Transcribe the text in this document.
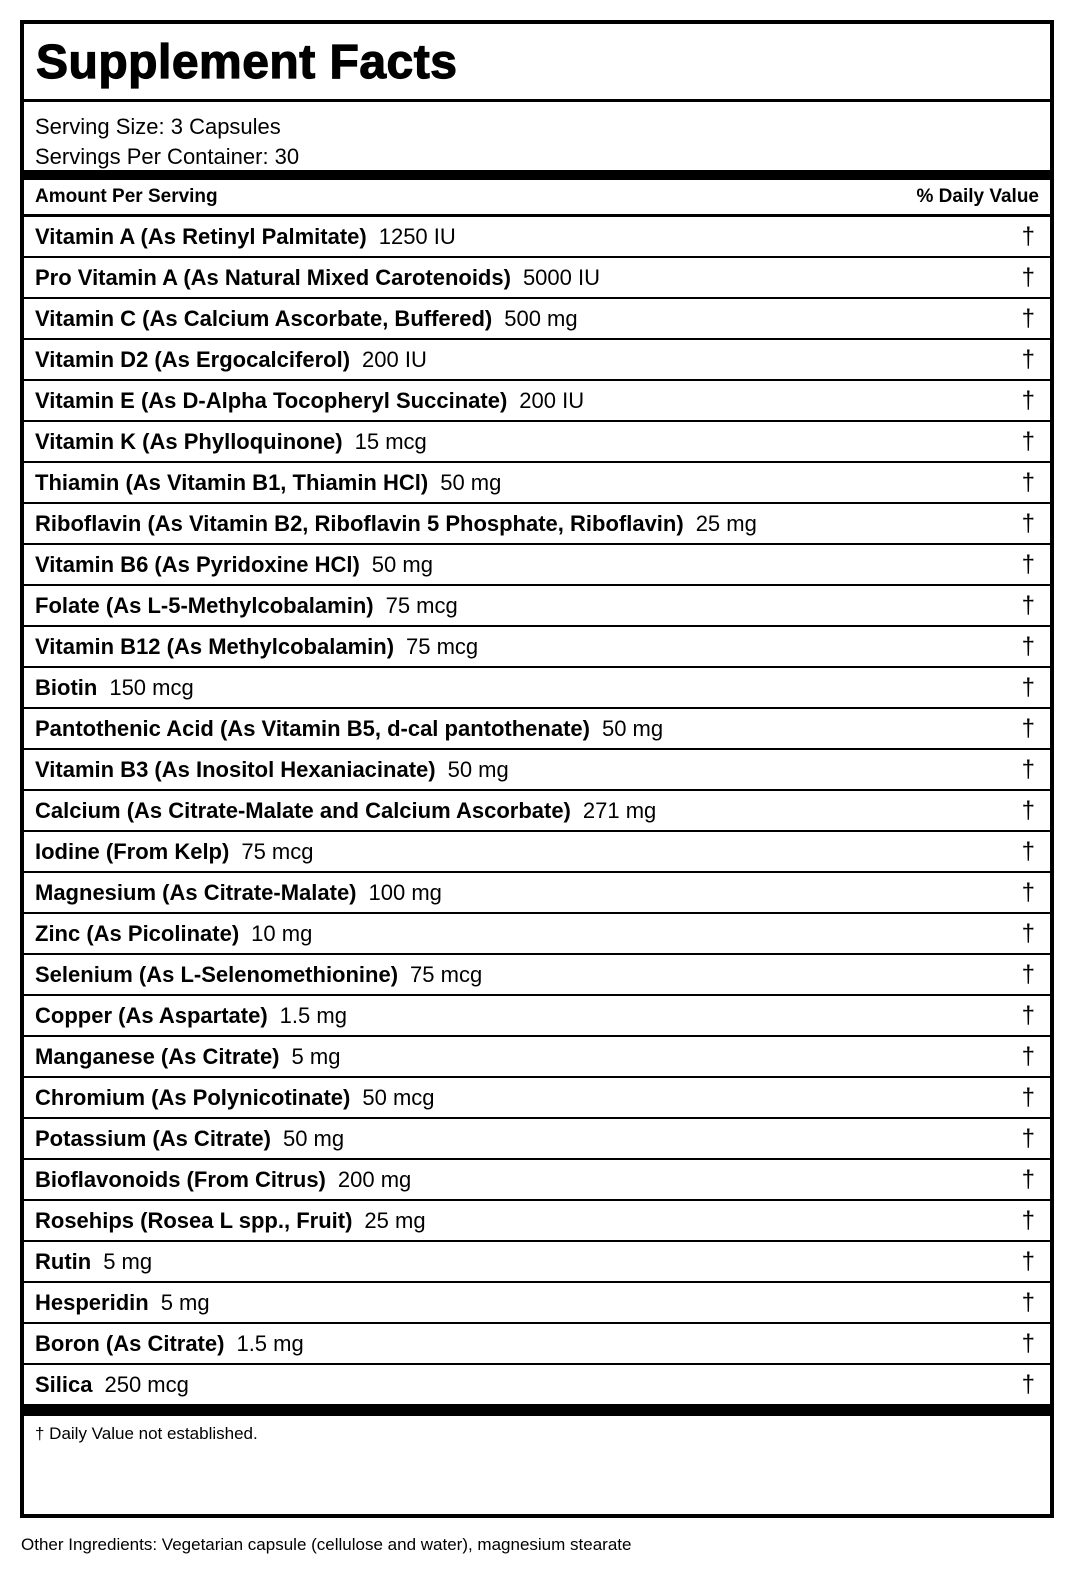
Supplement Facts
Serving Size: 3 Capsules
Servings Per Container: 30
Amount Per Serving	% Daily Value
Vitamin A (As Retinyl Palmitate) 1250 IU	†
Pro Vitamin A (As Natural Mixed Carotenoids) 5000 IU	†
Vitamin C (As Calcium Ascorbate, Buffered) 500 mg	†
Vitamin D2 (As Ergocalciferol) 200 IU	†
Vitamin E (As D-Alpha Tocopheryl Succinate) 200 IU	†
Vitamin K (As Phylloquinone) 15 mcg	†
Thiamin (As Vitamin B1, Thiamin HCl) 50 mg	†
Riboflavin (As Vitamin B2, Riboflavin 5 Phosphate, Riboflavin) 25 mg	†
Vitamin B6 (As Pyridoxine HCl) 50 mg	†
Folate (As L-5-Methylcobalamin) 75 mcg	†
Vitamin B12 (As Methylcobalamin) 75 mcg	†
Biotin 150 mcg	†
Pantothenic Acid (As Vitamin B5, d-cal pantothenate) 50 mg	†
Vitamin B3 (As Inositol Hexaniacinate) 50 mg	†
Calcium (As Citrate-Malate and Calcium Ascorbate) 271 mg	†
Iodine (From Kelp) 75 mcg	†
Magnesium (As Citrate-Malate) 100 mg	†
Zinc (As Picolinate) 10 mg	†
Selenium (As L-Selenomethionine) 75 mcg	†
Copper (As Aspartate) 1.5 mg	†
Manganese (As Citrate) 5 mg	†
Chromium (As Polynicotinate) 50 mcg	†
Potassium (As Citrate) 50 mg	†
Bioflavonoids (From Citrus) 200 mg	†
Rosehips (Rosea L spp., Fruit) 25 mg	†
Rutin 5 mg	†
Hesperidin 5 mg	†
Boron (As Citrate) 1.5 mg	†
Silica 250 mcg	†
† Daily Value not established.
Other Ingredients: Vegetarian capsule (cellulose and water), magnesium stearate
